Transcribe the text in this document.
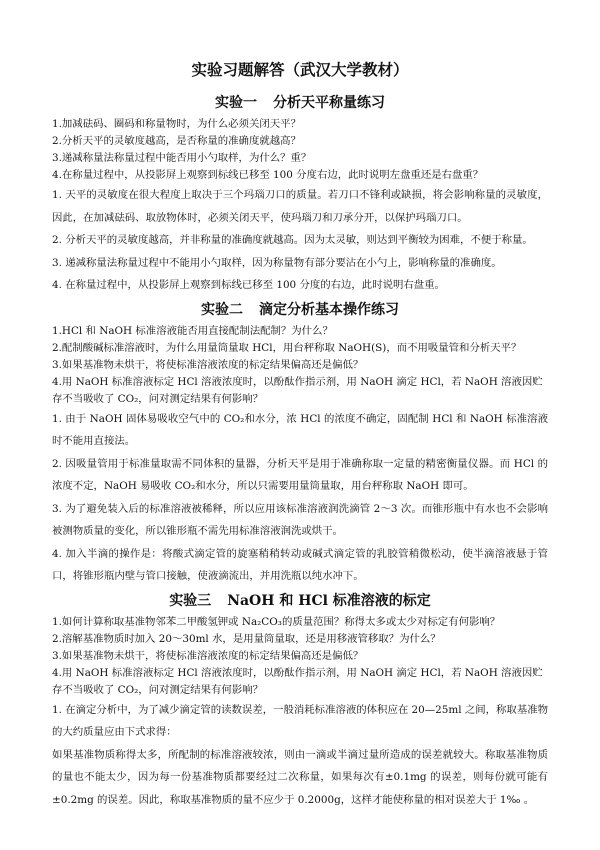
实验习题解答（武汉大学教材）
实验一 分析天平称量练习

1.加减砝码、圈码和称量物时，为什么必须关闭天平？

2.分析天平的灵敏度越高，是否称量的准确度就越高？

3.递减称量法称量过程中能否用小勺取样，为什么？重？

4.在称量过程中，从投影屏上观察到标线已移至 100 分度右边，此时说明左盘重还是右盘重？

1. 天平的灵敏度在很大程度上取决于三个玛瑙刀口的质量。若刀口不锋利或缺损，将会影响称量的灵敏度，因此，在加减砝码、取放物体时，必须关闭天平，使玛瑙刀和刀承分开，以保护玛瑙刀口。

2. 分析天平的灵敏度越高，并非称量的准确度就越高。因为太灵敏，则达到平衡较为困难，不便于称量。

3. 递减称量法称量过程中不能用小勺取样，因为称量物有部分要沾在小勺上，影响称量的准确度。

4. 在称量过程中，从投影屏上观察到标线已移至 100 分度的右边，此时说明右盘重。

实验二 滴定分析基本操作练习

1.HCl 和 NaOH 标准溶液能否用直接配制法配制？为什么？

2.配制酸碱标准溶液时，为什么用量筒量取 HCl，用台秤称取 NaOH(S)，而不用吸量管和分析天平？

3.如果基准物未烘干，将使标准溶液浓度的标定结果偏高还是偏低？

4.用 NaOH 标准溶液标定 HCl 溶液浓度时，以酚酞作指示剂，用 NaOH 滴定 HCl，若 NaOH 溶液因贮存不当吸收了 CO₂，问对测定结果有何影响？

1. 由于 NaOH 固体易吸收空气中的 CO₂和水分，浓 HCl 的浓度不确定，固配制 HCl 和 NaOH 标准溶液时不能用直接法。

2. 因吸量管用于标准量取需不同体积的量器，分析天平是用于准确称取一定量的精密衡量仪器。而 HCl 的浓度不定，NaOH 易吸收 CO₂和水分，所以只需要用量筒量取，用台秤称取 NaOH 即可。

3. 为了避免装入后的标准溶液被稀释，所以应用该标准溶液润洗滴管 2～3 次。而锥形瓶中有水也不会影响被测物质量的变化，所以锥形瓶不需先用标准溶液润洗或烘干。

4. 加入半滴的操作是：将酸式滴定管的旋塞稍稍转动或碱式滴定管的乳胶管稍微松动，使半滴溶液悬于管口，将锥形瓶内壁与管口接触，使液滴流出，并用洗瓶以纯水冲下。

实验三 NaOH 和 HCl 标准溶液的标定

1.如何计算称取基准物邻苯二甲酸氢钾或 Na₂CO₃的质量范围？称得太多或太少对标定有何影响？

2.溶解基准物质时加入 20～30ml 水，是用量筒量取，还是用移液管移取？为什么？

3.如果基准物未烘干，将使标准溶液浓度的标定结果偏高还是偏低？

4.用 NaOH 标准溶液标定 HCl 溶液浓度时，以酚酞作指示剂，用 NaOH 滴定 HCl，若 NaOH 溶液因贮存不当吸收了 CO₂，问对测定结果有何影响？

1. 在滴定分析中，为了减少滴定管的读数误差，一般消耗标准溶液的体积应在 20—25ml 之间，称取基准物的大约质量应由下式求得：

如果基准物质称得太多，所配制的标准溶液较浓，则由一滴或半滴过量所造成的误差就较大。称取基准物质的量也不能太少，因为每一份基准物质都要经过二次称量，如果每次有±0.1mg 的误差，则每份就可能有±0.2mg 的误差。因此，称取基准物质的量不应少于 0.2000g，这样才能使称量的相对误差大于 1‰ 。
